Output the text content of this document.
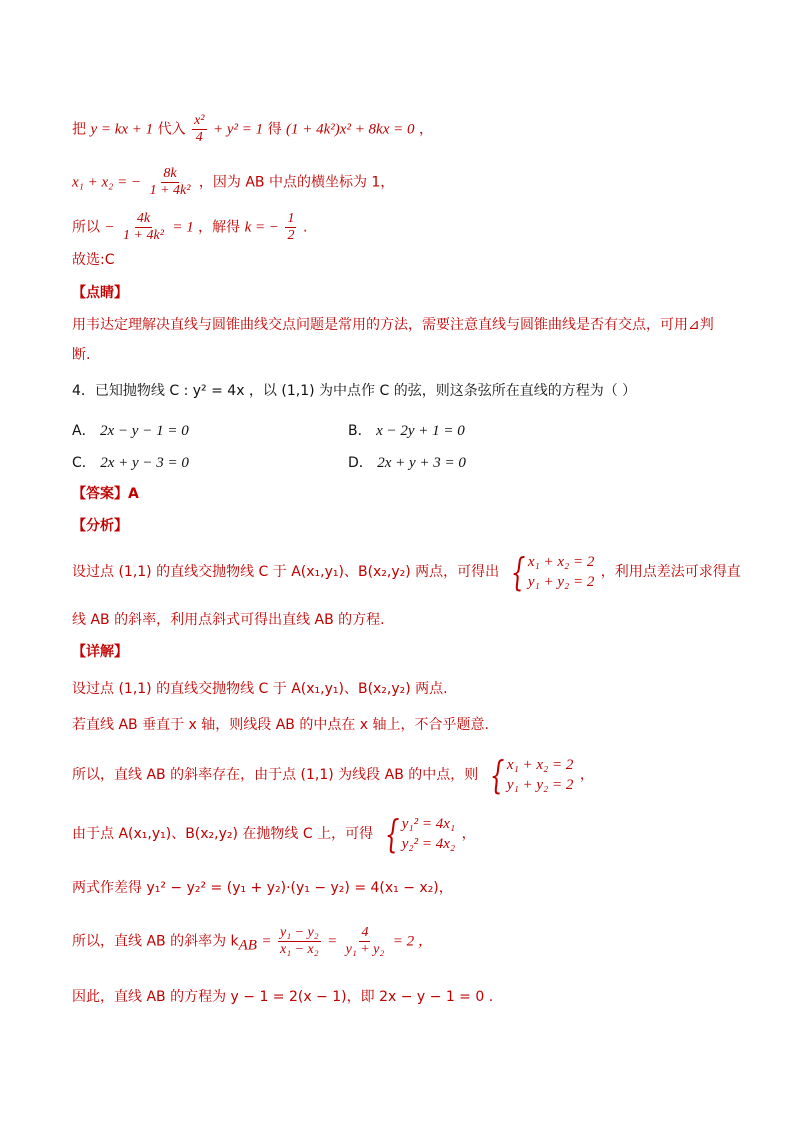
把 y = kx + 1 代入 $\frac{\text{x²}}{4} + y^2 = 1$ 得 (1 + 4k²)x² + 8kx = 0 ，
x₁ + x₂ = − $\frac{8k}{\text{1 + 4k²}}$ ，因为 AB 中点的横坐标为 1，
所以 − $\frac{4k}{\text{1 + 4k²}} = 1$ ，解得 k = − $\frac{1}{2}$ .
故选:C
【点睛】
用韦达定理解决直线与圆锥曲线交点问题是常用的方法，需要注意直线与圆锥曲线是否有交点，可用⊿判
断.
4．已知抛物线 C : y² = 4x ，以 (1,1) 为中点作 C 的弦，则这条弦所在直线的方程为（ ）
A． 2x − y − 1 = 0	B． x − 2y + 1 = 0
C． 2x + y − 3 = 0	D． 2x + y + 3 = 0
【答案】A
【分析】
设过点 (1,1) 的直线交抛物线 C 于 A(x₁,y₁)、B(x₂,y₂) 两点，可得出 { x₁ + x₂ = 2
y₁ + y₂ = 2
，利用点差法可求得直
线 AB 的斜率，利用点斜式可得出直线 AB 的方程.
【详解】
设过点 (1,1) 的直线交抛物线 C 于 A(x₁,y₁)、B(x₂,y₂) 两点.
若直线 AB 垂直于 x 轴，则线段 AB 的中点在 x 轴上，不合乎题意.
所以，直线 AB 的斜率存在，由于点 (1,1) 为线段 AB 的中点，则 { x₁ + x₂ = 2
y₁ + y₂ = 2
，
由于点 A(x₁,y₁)、B(x₂,y₂) 在抛物线 C 上，可得 { y₁² = 4x₁
y₂² = 4x₂
，
两式作差得 y₁² − y₂² = (y₁ + y₂)·(y₁ − y₂) = 4(x₁ − x₂)，
所以，直线 AB 的斜率为 $k_{AB} = \frac{\text{y₁ − y₂}}{\text{x₁ − x₂}} = \frac{4}{\text{y₁ + y₂}} = 2$ ，
因此，直线 AB 的方程为 y − 1 = 2(x − 1)，即 2x − y − 1 = 0 .
